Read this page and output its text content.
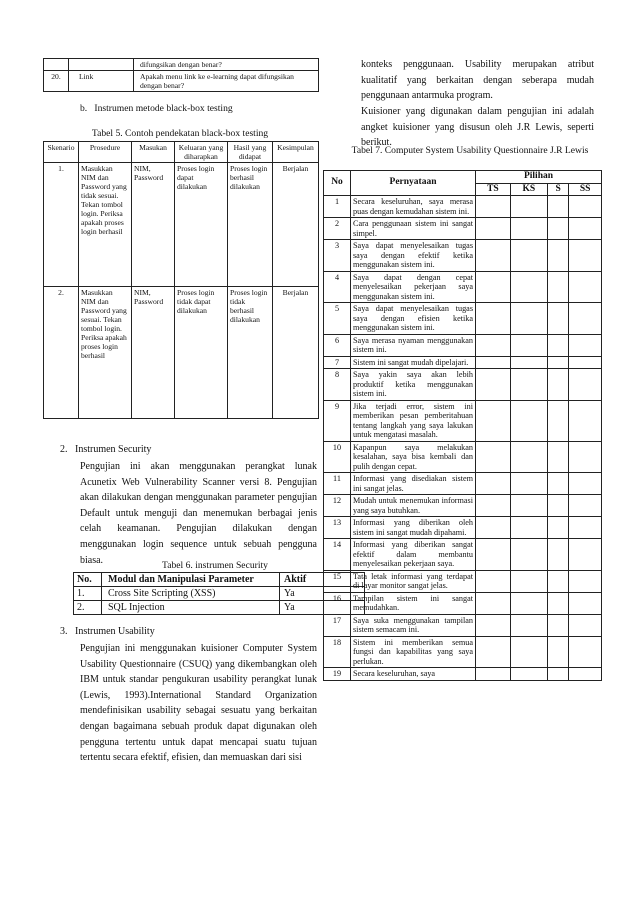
		difungsikan dengan benar?
20.	Link	Apakah menu link ke e-learning dapat difungsikan dengan benar?
b.   Instrumen metode black-box testing
Tabel 5. Contoh pendekatan black-box testing
Skenario	Prosedure	Masukan	Keluaran yang diharapkan	Hasil yang didapat	Kesimpulan
1.	Masukkan NIM dan Password yang tidak sesuai. Tekan tombol login. Periksa apakah proses login berhasil	NIM, Password	Proses login dapat dilakukan	Proses login berhasil dilakukan	Berjalan
2.	Masukkan NIM dan Password yang sesuai. Tekan tombol login. Periksa apakah proses login berhasil	NIM, Password	Proses login tidak dapat dilakukan	Proses login tidak berhasil dilakukan	Berjalan
2.   Instrumen Security
Pengujian ini akan menggunakan perangkat lunak Acunetix Web Vulnerability Scanner versi 8. Pengujian akan dilakukan dengan menggunakan parameter pengujian Default untuk menguji dan menemukan berbagai jenis celah keamanan. Pengujian dilakukan dengan menggunakan login sequence untuk sebuah pengguna biasa.	Tabel 6. instrumen Security
No.	Modul dan Manipulasi Parameter	Aktif
1.	Cross Site Scripting (XSS)	Ya
2.	SQL Injection	Ya
3.   Instrumen Usability
Pengujian ini menggunakan kuisioner Computer System Usability Questionnaire (CSUQ) yang dikembangkan oleh IBM untuk standar pengukuran usability perangkat lunak (Lewis, 1993).International Standard Organization mendefinisikan usability sebagai sesuatu yang berkaitan dengan bagaimana sebuah produk dapat digunakan oleh pengguna tertentu untuk dapat mencapai suatu tujuan tertentu secara efektif, efisien, dan memuaskan dari sisi
konteks penggunaan. Usability merupakan atribut kualitatif yang berkaitan dengan seberapa mudah penggunaan antarmuka program.
Kuisioner yang digunakan dalam pengujian ini adalah angket kuisioner yang disusun oleh J.R Lewis, seperti berikut.
Tabel 7. Computer System Usability Questionnaire J.R Lewis
No	Pernyataan	Pilihan			
		TS	KS	S	SS
1	Secara keseluruhan, saya merasa puas dengan kemudahan sistem ini.				
2	Cara penggunaan sistem ini sangat simpel.				
3	Saya dapat menyelesaikan tugas saya dengan efektif ketika menggunakan sistem ini.				
4	Saya dapat dengan cepat menyelesaikan pekerjaan saya menggunakan sistem ini.				
5	Saya dapat menyelesaikan tugas saya dengan efisien ketika menggunakan sistem ini.				
6	Saya merasa nyaman menggunakan sistem ini.				
7	Sistem ini sangat mudah dipelajari.				
8	Saya yakin saya akan lebih produktif ketika menggunakan sistem ini.				
9	Jika terjadi error, sistem ini memberikan pesan pemberitahuan tentang langkah yang saya lakukan untuk mengatasi masalah.				
10	Kapanpun saya melakukan kesalahan, saya bisa kembali dan pulih dengan cepat.				
11	Informasi yang disediakan sistem ini sangat jelas.				
12	Mudah untuk menemukan informasi yang saya butuhkan.				
13	Informasi yang diberikan oleh sistem ini sangat mudah dipahami.				
14	Informasi yang diberikan sangat efektif dalam membantu menyelesaikan pekerjaan saya.				
15	Tata letak informasi yang terdapat di layar monitor sangat jelas.				
16	Tampilan sistem ini sangat memudahkan.				
17	Saya suka menggunakan tampilan sistem semacam ini.				
18	Sistem ini memberikan semua fungsi dan kapabilitas yang saya perlukan.				
19	Secara keseluruhan, saya				
